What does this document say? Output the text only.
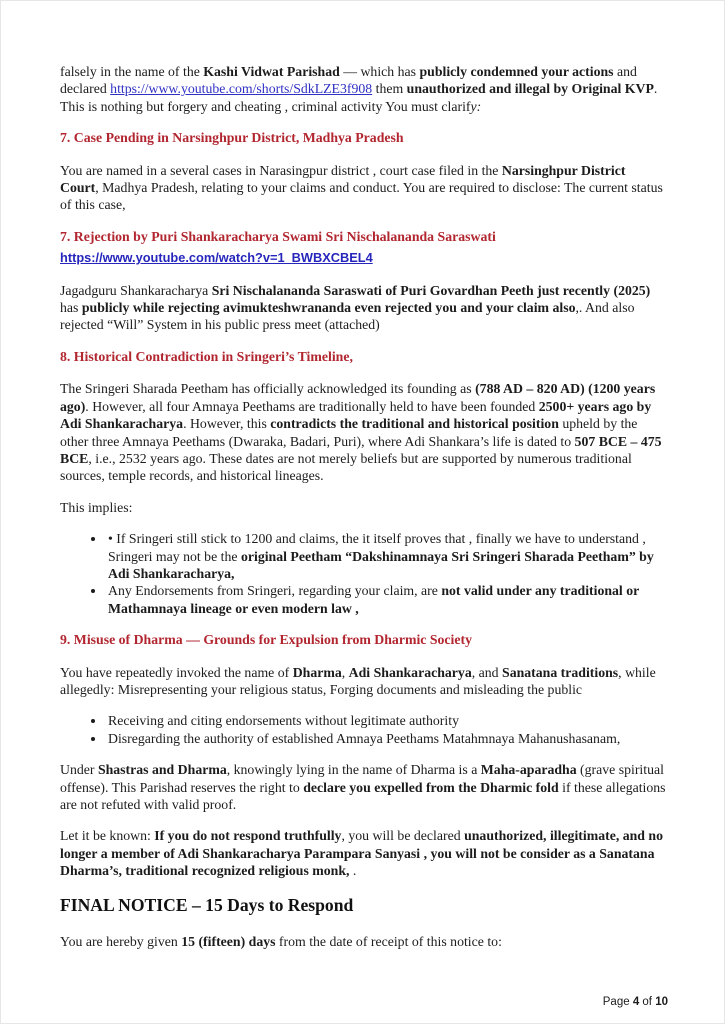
falsely in the name of the Kashi Vidwat Parishad — which has publicly condemned your actions and declared https://www.youtube.com/shorts/SdkLZE3f908 them unauthorized and illegal by Original KVP. This is nothing but forgery and cheating , criminal activity You must clarify:

7. Case Pending in Narsinghpur District, Madhya Pradesh

You are named in a several cases in Narasingpur district , court case filed in the Narsinghpur District Court, Madhya Pradesh, relating to your claims and conduct. You are required to disclose: The current status of this case,

7. Rejection by Puri Shankaracharya Swami Sri Nischalananda Saraswati

https://www.youtube.com/watch?v=1_BWBXCBEL4

Jagadguru Shankaracharya Sri Nischalananda Saraswati of Puri Govardhan Peeth just recently (2025) has publicly while rejecting avimukteshwrananda even rejected you and your claim also,. And also rejected “Will” System in his public press meet (attached)

8. Historical Contradiction in Sringeri’s Timeline,

The Sringeri Sharada Peetham has officially acknowledged its founding as (788 AD – 820 AD) (1200 years ago). However, all four Amnaya Peethams are traditionally held to have been founded 2500+ years ago by Adi Shankaracharya. However, this contradicts the traditional and historical position upheld by the other three Amnaya Peethams (Dwaraka, Badari, Puri), where Adi Shankara’s life is dated to 507 BCE – 475 BCE, i.e., 2532 years ago. These dates are not merely beliefs but are supported by numerous traditional sources, temple records, and historical lineages.

This implies:

• • If Sringeri still stick to 1200 and claims, the it itself proves that , finally we have to understand , Sringeri may not be the original Peetham “Dakshinamnaya Sri Sringeri Sharada Peetham” by Adi Shankaracharya,
• Any Endorsements from Sringeri, regarding your claim, are not valid under any traditional or Mathamnaya lineage or even modern law ,

9. Misuse of Dharma — Grounds for Expulsion from Dharmic Society

You have repeatedly invoked the name of Dharma, Adi Shankaracharya, and Sanatana traditions, while allegedly: Misrepresenting your religious status, Forging documents and misleading the public

• Receiving and citing endorsements without legitimate authority
• Disregarding the authority of established Amnaya Peethams Matahmnaya Mahanushasanam,

Under Shastras and Dharma, knowingly lying in the name of Dharma is a Maha-aparadha (grave spiritual offense). This Parishad reserves the right to declare you expelled from the Dharmic fold if these allegations are not refuted with valid proof.

Let it be known: If you do not respond truthfully, you will be declared unauthorized, illegitimate, and no longer a member of Adi Shankaracharya Parampara Sanyasi , you will not be consider as a Sanatana Dharma’s, traditional recognized religious monk, .

FINAL NOTICE – 15 Days to Respond

You are hereby given 15 (fifteen) days from the date of receipt of this notice to:

Page 4 of 10
